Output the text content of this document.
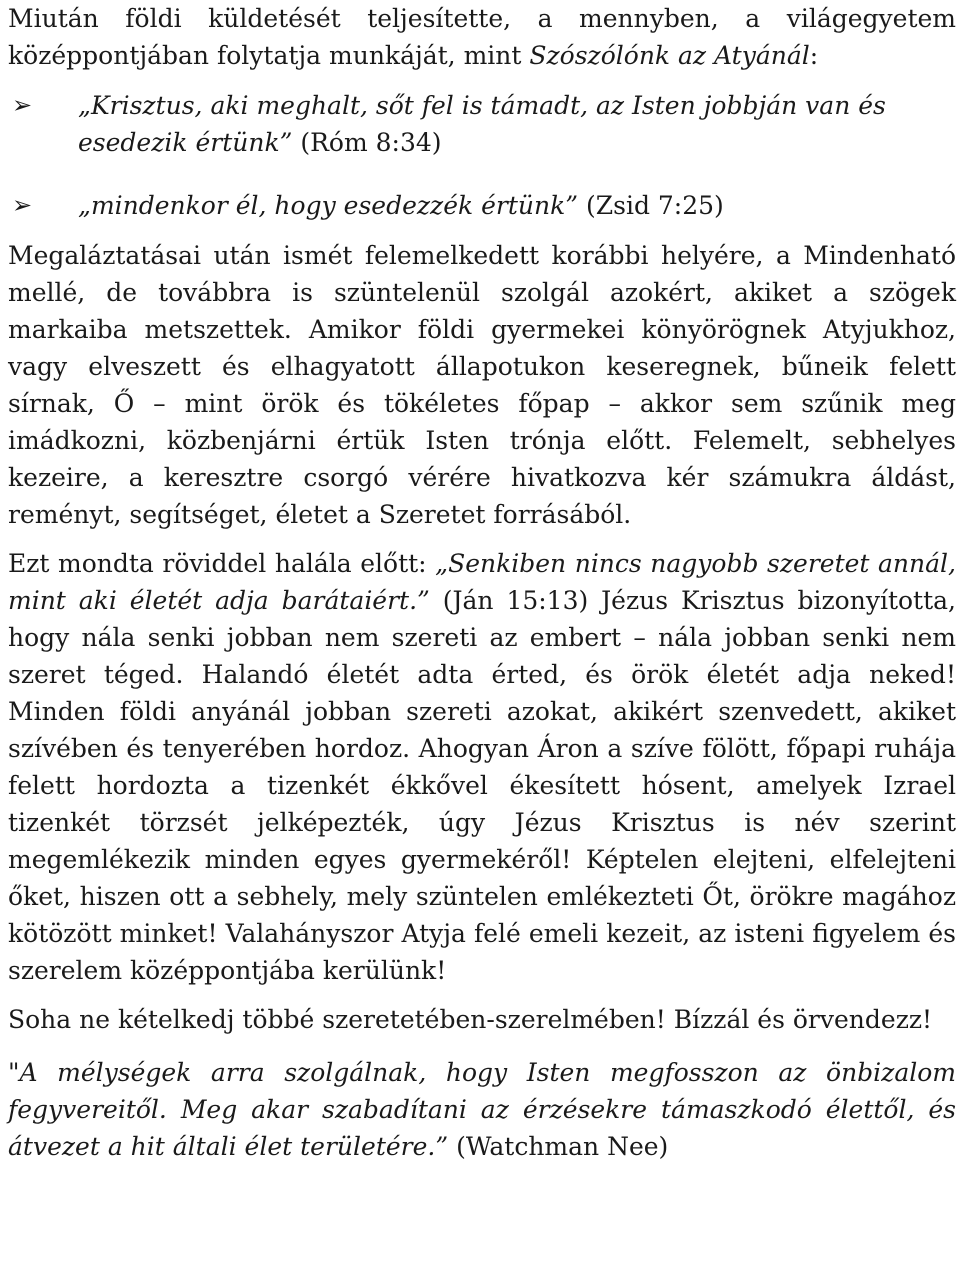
Miután földi küldetését teljesítette, a mennyben, a világegyetem középpontjában folytatja munkáját, mint Szószólónk az Atyánál:

➢	„Krisztus, aki meghalt, sőt fel is támadt, az Isten jobbján van és esedezik értünk” (Róm 8:34)
➢	„mindenkor él, hogy esedezzék értünk” (Zsid 7:25)

Megaláztatásai után ismét felemelkedett korábbi helyére, a Mindenható mellé, de továbbra is szüntelenül szolgál azokért, akiket a szögek markaiba metszettek. Amikor földi gyermekei könyörögnek Atyjukhoz, vagy elveszett és elhagyatott állapotukon keseregnek, bűneik felett sírnak, Ő – mint örök és tökéletes főpap – akkor sem szűnik meg imádkozni, közbenjárni értük Isten trónja előtt. Felemelt, sebhelyes kezeire, a keresztre csorgó vérére hivatkozva kér számukra áldást, reményt, segítséget, életet a Szeretet forrásából.

Ezt mondta röviddel halála előtt: „Senkiben nincs nagyobb szeretet annál, mint aki életét adja barátaiért.” (Ján 15:13) Jézus Krisztus bizonyította, hogy nála senki jobban nem szereti az embert – nála jobban senki nem szeret téged. Halandó életét adta érted, és örök életét adja neked! Minden földi anyánál jobban szereti azokat, akikért szenvedett, akiket szívében és tenyerében hordoz. Ahogyan Áron a szíve fölött, főpapi ruhája felett hordozta a tizenkét ékkővel ékesített hósent, amelyek Izrael tizenkét törzsét jelképezték, úgy Jézus Krisztus is név szerint megemlékezik minden egyes gyermekéről! Képtelen elejteni, elfelejteni őket, hiszen ott a sebhely, mely szüntelen emlékezteti Őt, örökre magához kötözött minket! Valahányszor Atyja felé emeli kezeit, az isteni figyelem és szerelem középpontjába kerülünk!

Soha ne kételkedj többé szeretetében-szerelmében! Bízzál és örvendezz!

"A mélységek arra szolgálnak, hogy Isten megfosszon az önbizalom fegyvereitől. Meg akar szabadítani az érzésekre támaszkodó élettől, és átvezet a hit általi élet területére.” (Watchman Nee)
